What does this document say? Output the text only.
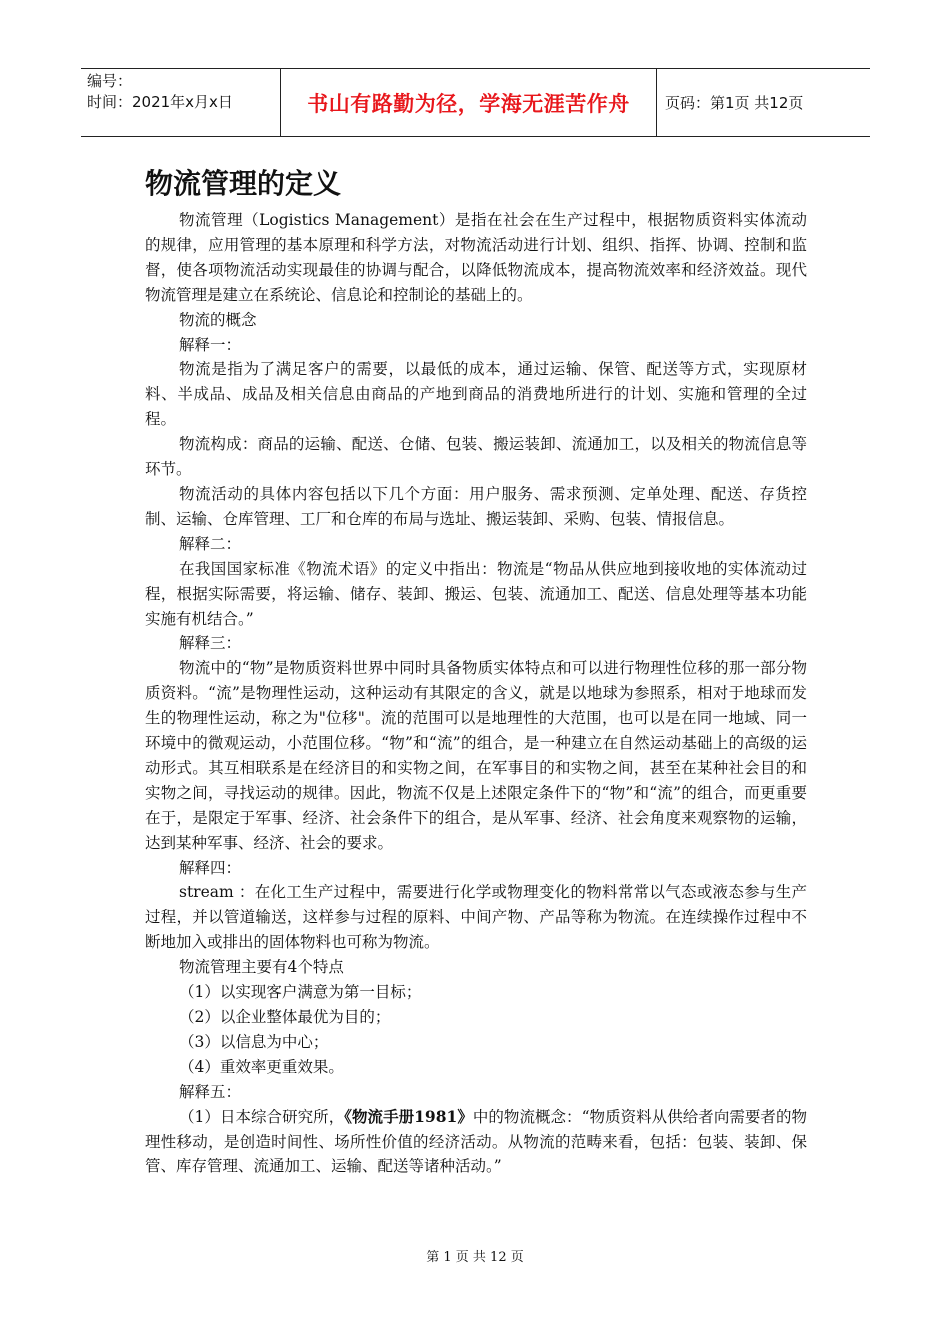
编号：
时间：2021年x月x日	书山有路勤为径，学海无涯苦作舟	页码：第1页 共12页
物流管理的定义

物流管理（Logistics Management）是指在社会在生产过程中，根据物质资料实体流动的规律，应用管理的基本原理和科学方法，对物流活动进行计划、组织、指挥、协调、控制和监督，使各项物流活动实现最佳的协调与配合，以降低物流成本，提高物流效率和经济效益。现代物流管理是建立在系统论、信息论和控制论的基础上的。

物流的概念

解释一：

物流是指为了满足客户的需要，以最低的成本，通过运输、保管、配送等方式，实现原材料、半成品、成品及相关信息由商品的产地到商品的消费地所进行的计划、实施和管理的全过程。

物流构成：商品的运输、配送、仓储、包装、搬运装卸、流通加工，以及相关的物流信息等环节。

物流活动的具体内容包括以下几个方面：用户服务、需求预测、定单处理、配送、存货控制、运输、仓库管理、工厂和仓库的布局与选址、搬运装卸、采购、包装、情报信息。

解释二：

在我国国家标准《物流术语》的定义中指出：物流是“物品从供应地到接收地的实体流动过程，根据实际需要，将运输、储存、装卸、搬运、包装、流通加工、配送、信息处理等基本功能实施有机结合。”

解释三：

物流中的“物”是物质资料世界中同时具备物质实体特点和可以进行物理性位移的那一部分物质资料。“流”是物理性运动，这种运动有其限定的含义，就是以地球为参照系，相对于地球而发生的物理性运动，称之为"位移"。流的范围可以是地理性的大范围，也可以是在同一地域、同一环境中的微观运动，小范围位移。“物”和“流”的组合，是一种建立在自然运动基础上的高级的运动形式。其互相联系是在经济目的和实物之间，在军事目的和实物之间，甚至在某种社会目的和实物之间，寻找运动的规律。因此，物流不仅是上述限定条件下的“物”和“流”的组合，而更重要在于，是限定于军事、经济、社会条件下的组合，是从军事、经济、社会角度来观察物的运输，达到某种军事、经济、社会的要求。

解释四：

stream ：在化工生产过程中，需要进行化学或物理变化的物料常常以气态或液态参与生产过程，并以管道输送，这样参与过程的原料、中间产物、产品等称为物流。在连续操作过程中不断地加入或排出的固体物料也可称为物流。

物流管理主要有4个特点

（1）以实现客户满意为第一目标；

（2）以企业整体最优为目的；

（3）以信息为中心；

（4）重效率更重效果。

解释五：

（1）日本综合研究所，《物流手册1981》中的物流概念：“物质资料从供给者向需要者的物理性移动，是创造时间性、场所性价值的经济活动。从物流的范畴来看，包括：包装、装卸、保管、库存管理、流通加工、运输、配送等诸种活动。”

第 1 页 共 12 页
